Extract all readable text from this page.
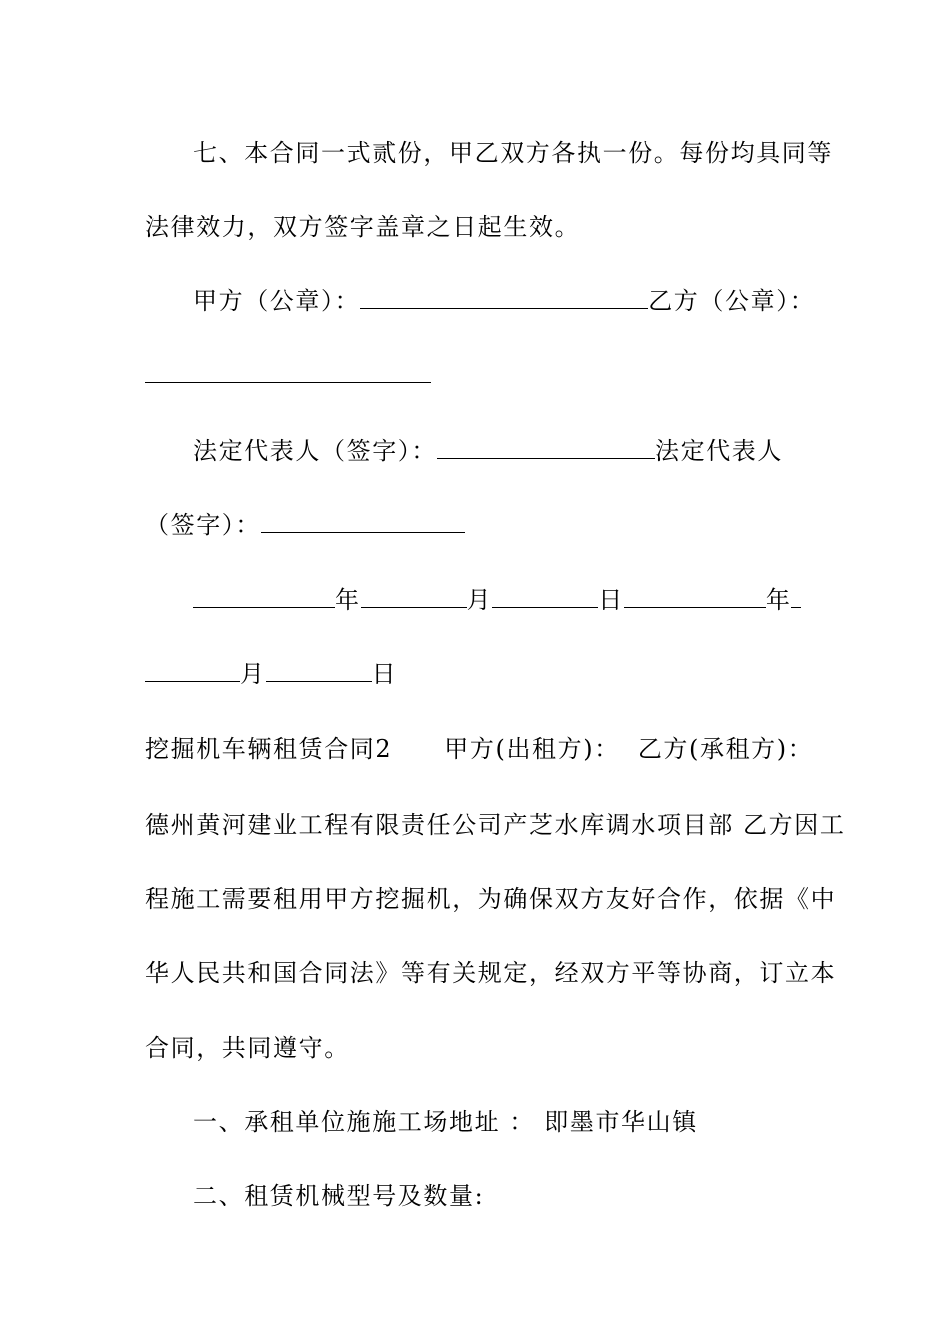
七、本合同一式贰份，甲乙双方各执一份。每份均具同等
法律效力，双方签字盖章之日起生效。
甲方（公章）：	乙方（公章）：
法定代表人（签字）：	法定代表人
（签字）：
年	月	日	年
月	日
挖掘机车辆租赁合同2 甲方(出租方)： 乙方(承租方)：
德州黄河建业工程有限责任公司产芝水库调水项目部 乙方因工
程施工需要租用甲方挖掘机，为确保双方友好合作，依据《中
华人民共和国合同法》等有关规定，经双方平等协商，订立本
合同，共同遵守。
一、承租单位施施工场地址 ： 即墨市华山镇
二、租赁机械型号及数量:
